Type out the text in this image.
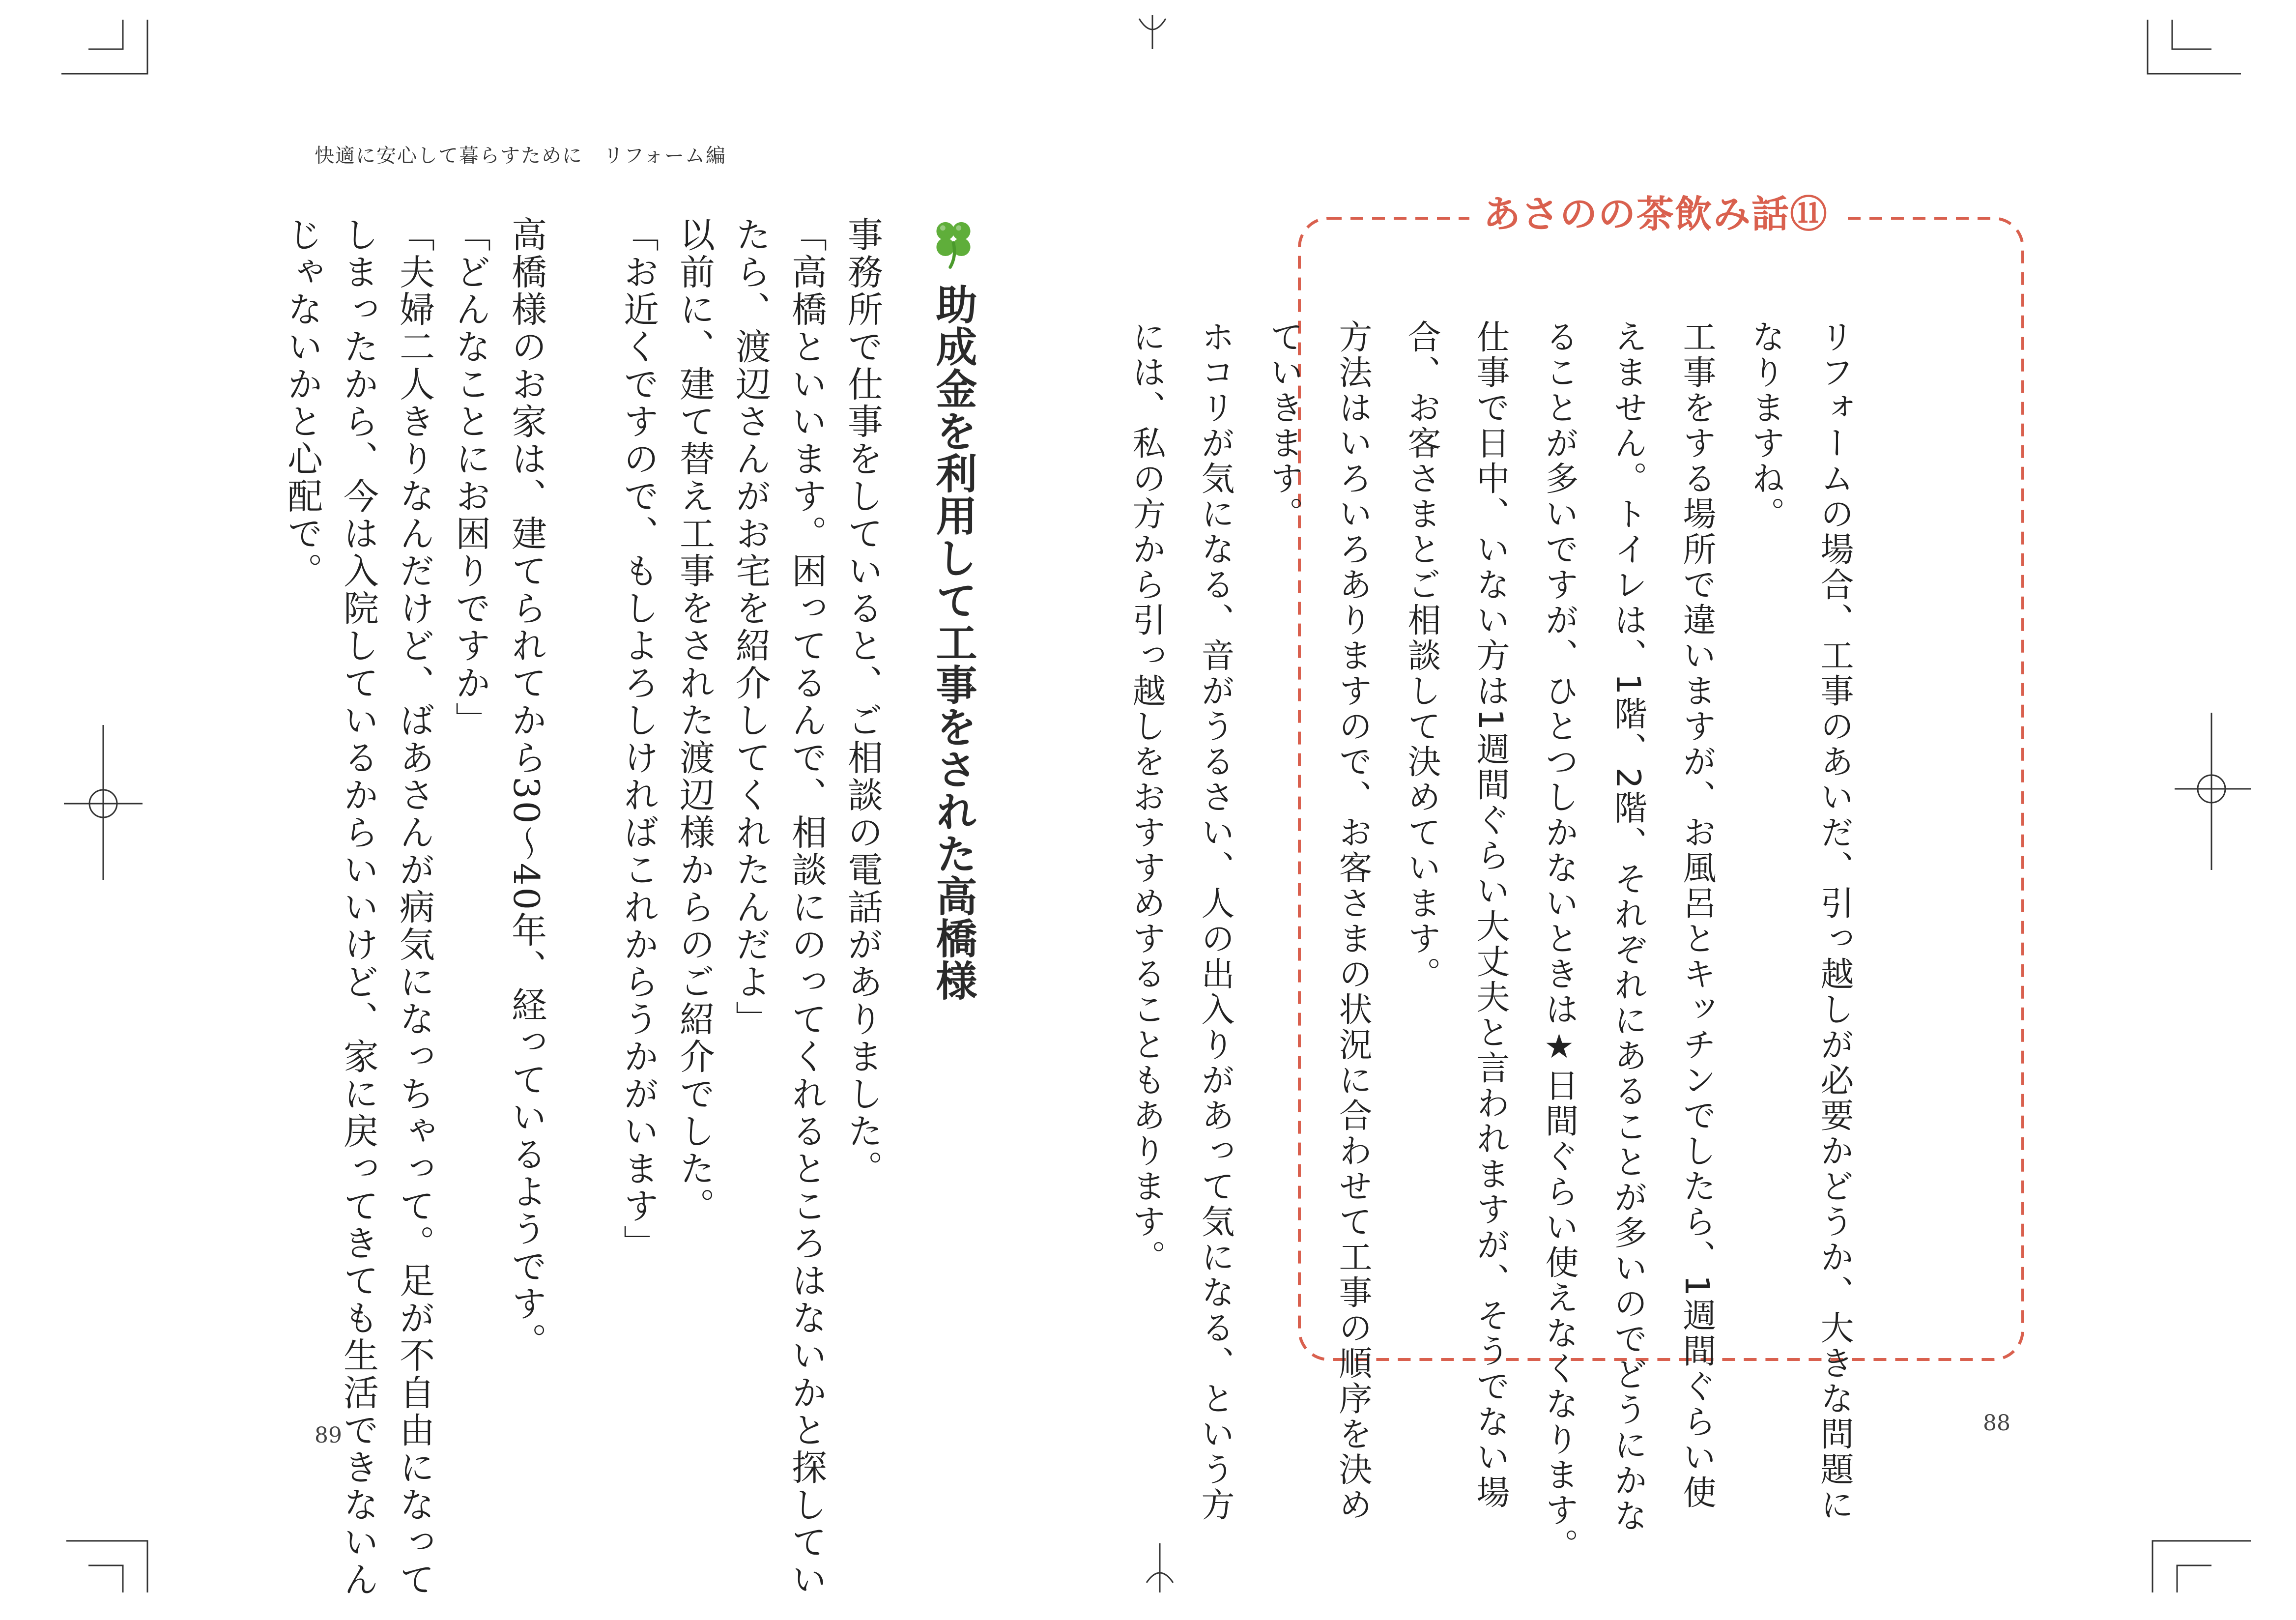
快適に安心して暮らすために　リフォーム編
事務所で仕事をしていると、ご相談の電話がありました。
「高橋といいます。困ってるんで、相談にのってくれるところはないかと探してい
たら、渡辺さんがお宅を紹介してくれたんだよ」
以前に、建て替え工事をされた渡辺様からのご紹介でした。
「お近くですので、もしよろしければこれからうかがいます」

高橋様のお家は、建てられてから30～40年、経っているようです。
「どんなことにお困りですか」
「夫婦二人きりなんだけど、ばあさんが病気になっちゃって。足が不自由になって
しまったから、今は入院しているからいいけど、家に戻ってきても生活できないん
じゃないかと心配で。	助成金を利用して工事をされた高橋様
89
あさのの茶飲み話⑪
リフォームの場合、工事のあいだ、引っ越しが必要かどうか、大きな問題に
なりますね。
工事をする場所で違いますが、お風呂とキッチンでしたら、1週間ぐらい使
えません。トイレは、1階、2階、それぞれにあることが多いのでどうにかな
ることが多いですが、ひとつしかないときは★日間ぐらい使えなくなります。
仕事で日中、いない方は1週間ぐらい大丈夫と言われますが、そうでない場
合、お客さまとご相談して決めています。
方法はいろいろありますので、お客さまの状況に合わせて工事の順序を決め
ていきます。
ホコリが気になる、音がうるさい、人の出入りがあって気になる、という方
には、私の方から引っ越しをおすすめすることもあります。
88
